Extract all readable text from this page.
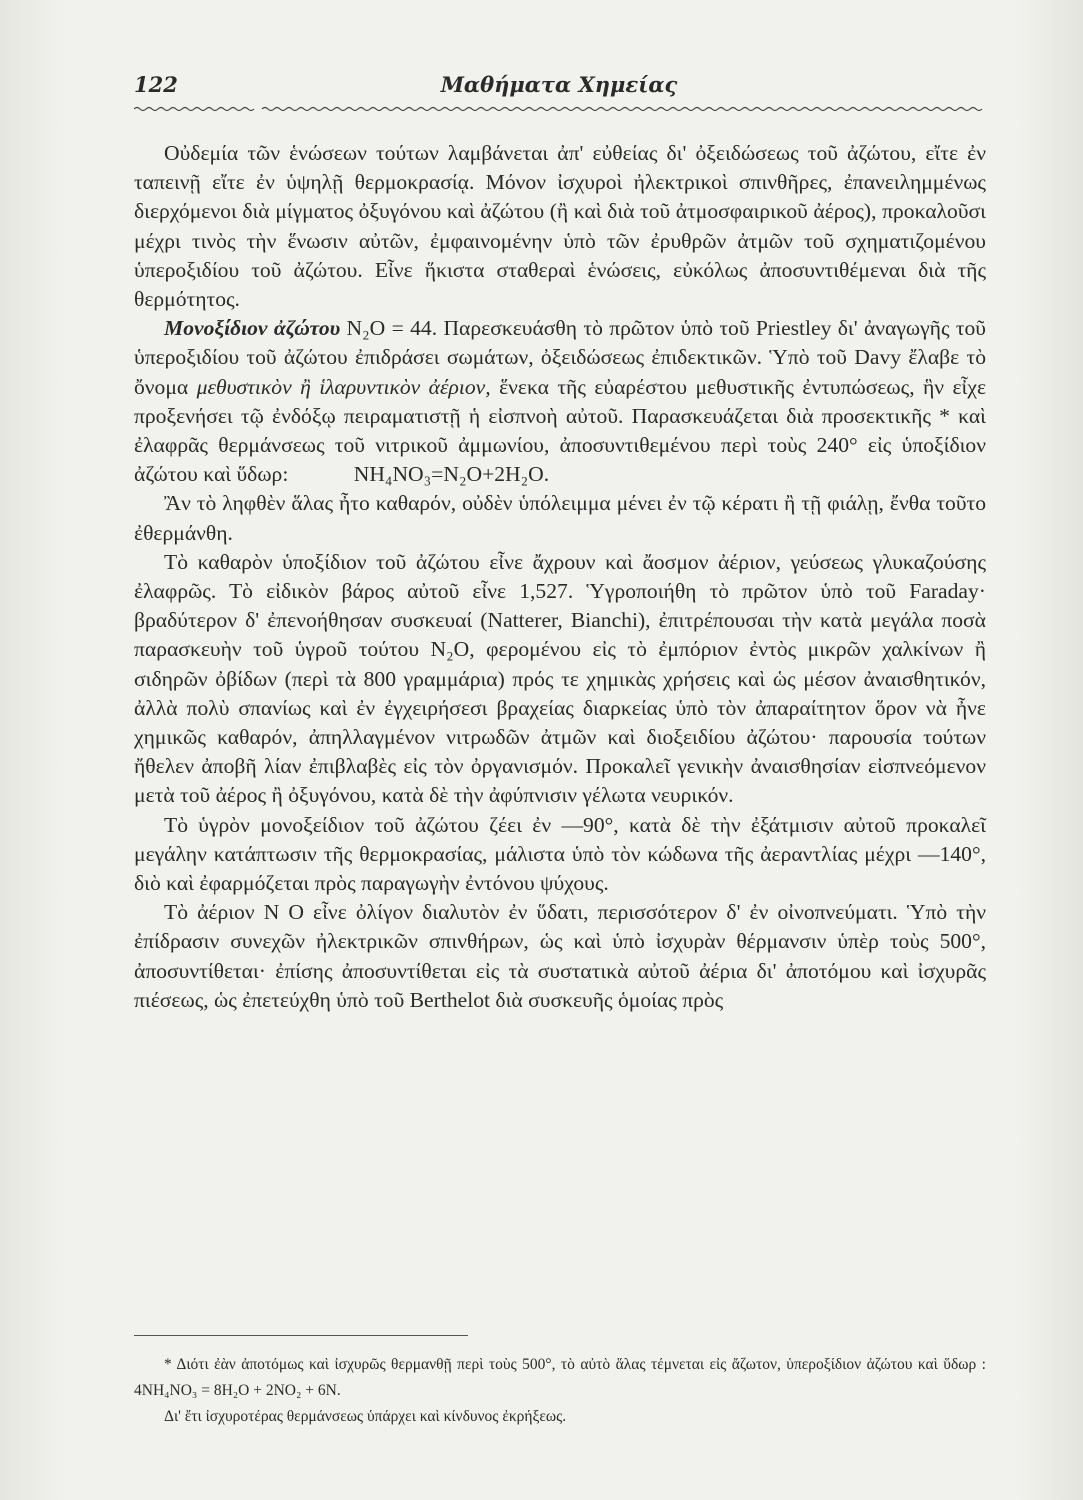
122	Μαθήματα Χημείας

Οὐδεμία τῶν ἑνώσεων τούτων λαμβάνεται ἀπ' εὐθείας δι' ὀξειδώσεως τοῦ ἀζώτου, εἴτε ἐν ταπεινῇ εἴτε ἐν ὑψηλῇ θερμοκρασίᾳ. Μόνον ἰσχυροὶ ἠλεκτρικοὶ σπινθῆρες, ἐπανειλημμένως διερχόμενοι διὰ μίγματος ὀξυγόνου καὶ ἀζώτου (ἢ καὶ διὰ τοῦ ἀτμοσφαιρικοῦ ἀέρος), προκαλοῦσι μέχρι τινὸς τὴν ἕνωσιν αὐτῶν, ἐμφαινομένην ὑπὸ τῶν ἐρυθρῶν ἀτμῶν τοῦ σχηματιζομένου ὑπεροξιδίου τοῦ ἀζώτου. Εἶνε ἥκιστα σταθεραὶ ἑνώσεις, εὐκόλως ἀποσυντιθέμεναι διὰ τῆς θερμότητος.

Μονοξίδιον ἀζώτου N₂O = 44. Παρεσκευάσθη τὸ πρῶτον ὑπὸ τοῦ Priestley δι' ἀναγωγῆς τοῦ ὑπεροξιδίου τοῦ ἀζώτου ἐπιδράσει σωμάτων, ὀξειδώσεως ἐπιδεκτικῶν. Ὑπὸ τοῦ Davy ἔλαβε τὸ ὄνομα μεθυστικὸν ἢ ἱλαρυντικὸν ἀέριον, ἕνεκα τῆς εὐαρέστου μεθυστικῆς ἐντυπώσεως, ἣν εἶχε προξενήσει τῷ ἐνδόξῳ πειραματιστῇ ἡ εἰσπνοὴ αὐτοῦ. Παρασκευάζεται διὰ προσεκτικῆς * καὶ ἐλαφρᾶς θερμάνσεως τοῦ νιτρικοῦ ἀμμωνίου, ἀποσυντιθεμένου περὶ τοὺς 240° εἰς ὑποξίδιον ἀζώτου καὶ ὕδωρ:	NH₄NO₃=N₂O+2H₂O.

Ἂν τὸ ληφθὲν ἅλας ἦτο καθαρόν, οὐδὲν ὑπόλειμμα μένει ἐν τῷ κέρατι ἢ τῇ φιάλῃ, ἔνθα τοῦτο ἐθερμάνθη.

Τὸ καθαρὸν ὑποξίδιον τοῦ ἀζώτου εἶνε ἄχρουν καὶ ἄοσμον ἀέριον, γεύσεως γλυκαζούσης ἐλαφρῶς. Τὸ εἰδικὸν βάρος αὐτοῦ εἶνε 1,527. Ὑγροποιήθη τὸ πρῶτον ὑπὸ τοῦ Faraday· βραδύτερον δ' ἐπενοήθησαν συσκευαί (Natterer, Bianchi), ἐπιτρέπουσαι τὴν κατὰ μεγάλα ποσὰ παρασκευὴν τοῦ ὑγροῦ τούτου N₂O, φερομένου εἰς τὸ ἐμπόριον ἐντὸς μικρῶν χαλκίνων ἢ σιδηρῶν ὀβίδων (περὶ τὰ 800 γραμμάρια) πρός τε χημικὰς χρήσεις καὶ ὡς μέσον ἀναισθητικόν, ἀλλὰ πολὺ σπανίως καὶ ἐν ἐγχειρήσεσι βραχείας διαρκείας ὑπὸ τὸν ἀπαραίτητον ὅρον νὰ ἦνε χημικῶς καθαρόν, ἀπηλλαγμένον νιτρωδῶν ἀτμῶν καὶ διοξειδίου ἀζώτου· παρουσία τούτων ἤθελεν ἀποβῆ λίαν ἐπιβλαβὲς εἰς τὸν ὀργανισμόν. Προκαλεῖ γενικὴν ἀναισθησίαν εἰσπνεόμενον μετὰ τοῦ ἀέρος ἢ ὀξυγόνου, κατὰ δὲ τὴν ἀφύπνισιν γέλωτα νευρικόν.

Τὸ ὑγρὸν μονοξείδιον τοῦ ἀζώτου ζέει ἐν —90°, κατὰ δὲ τὴν ἐξάτμισιν αὐτοῦ προκαλεῖ μεγάλην κατάπτωσιν τῆς θερμοκρασίας, μάλιστα ὑπὸ τὸν κώδωνα τῆς ἀεραντλίας μέχρι —140°, διὸ καὶ ἐφαρμόζεται πρὸς παραγωγὴν ἐντόνου ψύχους.

Τὸ ἀέριον N O εἶνε ὀλίγον διαλυτὸν ἐν ὕδατι, περισσότερον δ' ἐν οἰνοπνεύματι. Ὑπὸ τὴν ἐπίδρασιν συνεχῶν ἠλεκτρικῶν σπινθήρων, ὡς καὶ ὑπὸ ἰσχυρὰν θέρμανσιν ὑπὲρ τοὺς 500°, ἀποσυντίθεται· ἐπίσης ἀποσυντίθεται εἰς τὰ συστατικὰ αὐτοῦ ἀέρια δι' ἀποτόμου καὶ ἰσχυρᾶς πιέσεως, ὡς ἐπετεύχθη ὑπὸ τοῦ Berthelot διὰ συσκευῆς ὁμοίας πρὸς

* Διότι ἐὰν ἀποτόμως καὶ ἰσχυρῶς θερμανθῇ περὶ τοὺς 500°, τὸ αὐτὸ ἅλας τέμνεται εἰς ἄζωτον, ὑπεροξίδιον ἀζώτου καὶ ὕδωρ : 4NH₄NO₃ = 8H₂O + 2NO₂ + 6N.

Δι' ἔτι ἰσχυροτέρας θερμάνσεως ὑπάρχει καὶ κίνδυνος ἐκρήξεως.
